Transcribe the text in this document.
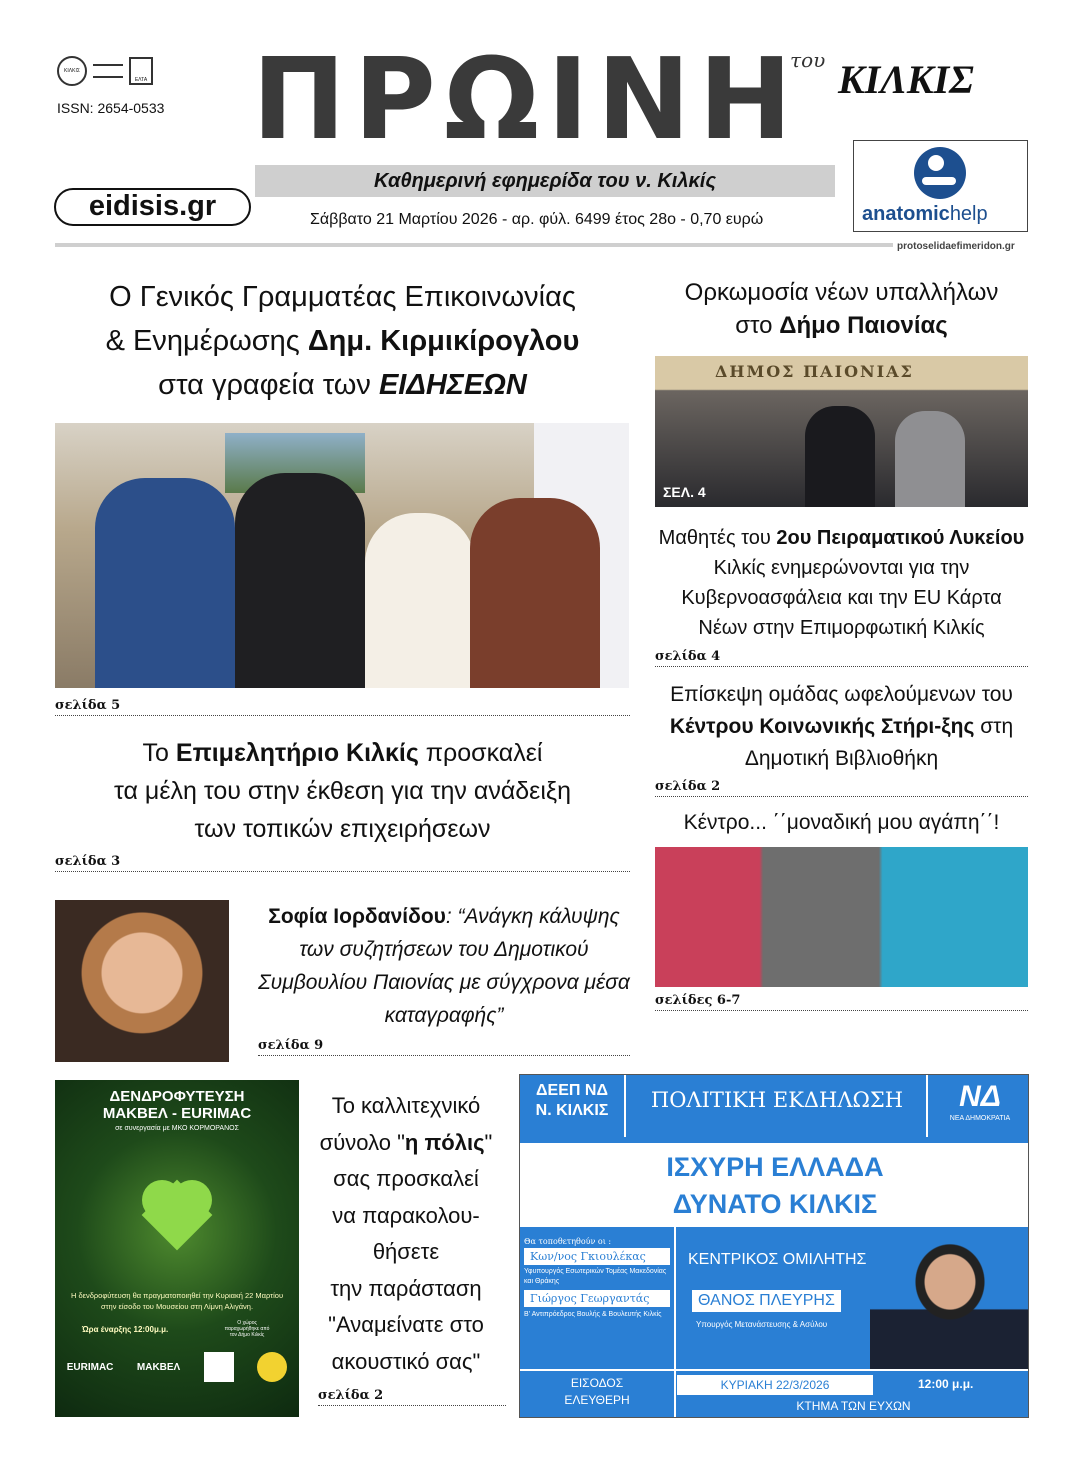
ΚΙΛΚΙΣ
ΕΛΤΑ
ISSN: 2654-0533 ΠΡΩΙΝΗ
του ΚΙΛΚΙΣ
Καθημερινή εφημερίδα του ν. Κιλκίς
eidisis.gr	Σάββατο 21 Μαρτίου 2026 - αρ. φύλ. 6499 έτος 28ο - 0,70 ευρώ	anatomichelp
protoselidaefimeridon.gr
Ο Γενικός Γραμματέας Επικοινωνίας
& Ενημέρωσης Δημ. Κιρμικίρογλου
στα γραφεία των ΕΙΔΗΣΕΩΝ
σελίδα 5
Το Επιμελητήριο Κιλκίς προσκαλεί
τα μέλη του στην έκθεση για την ανάδειξη
των τοπικών επιχειρήσεων
σελίδα 3
Σοφία Ιορδανίδου: “Ανάγκη κάλυψης των συζητήσεων του Δημοτικού Συμβουλίου Παιονίας με σύγχρονα μέσα καταγραφής”
σελίδα 9
ΔΕΝΔΡΟΦΥΤΕΥΣΗ
ΜΑΚΒΕΛ - EURIMAC
σε συνεργασία με ΜΚΟ ΚΟΡΜΟΡΑΝΟΣ
Η δενδροφύτευση θα πραγματοποιηθεί την Κυριακή 22 Μαρτίου στην είσοδο του Μουσείου στη Λίμνη Αλιγάνη.
Ώρα έναρξης 12:00μ.μ.
Ο χώρος παραχωρήθηκε από τον Δήμο Κιλκίς
EURIMAC ΜΑΚΒΕΛ
Το καλλιτεχνικό
σύνολο "η πόλις"
σας προσκαλεί
να παρακολου-
θήσετε
την παράσταση
"Αναμείνατε στο
ακουστικό σας"
σελίδα 2
ΔΕΕΠ ΝΔ
Ν. ΚΙΛΚΙΣ	ΠΟΛΙΤΙΚΗ ΕΚΔΗΛΩΣΗ	ΝΔ
ΝΕΑ ΔΗΜΟΚΡΑΤΙΑ
ΙΣΧΥΡΗ ΕΛΛΑΔΑ
ΔΥΝΑΤΟ ΚΙΛΚΙΣ
Θα τοποθετηθούν οι :
Κων/νος Γκιουλέκας
Υφυπουργός Εσωτερικών Τομέας Μακεδονίας και Θράκης
Γιώργος Γεωργαντάς
Β' Αντιπρόεδρος Βουλής & Βουλευτής Κιλκίς
ΚΕΝΤΡΙΚΟΣ ΟΜΙΛΗΤΗΣ
ΘΑΝΟΣ ΠΛΕΥΡΗΣ
Υπουργός Μετανάστευσης & Ασύλου
ΕΙΣΟΔΟΣ
ΕΛΕΥΘΕΡΗ
ΚΥΡΙΑΚΗ 22/3/2026	12:00 μ.μ.
ΚΤΗΜΑ ΤΩΝ ΕΥΧΩΝ
Ορκωμοσία νέων υπαλλήλων
στο Δήμο Παιονίας
ΔΗΜΟΣ ΠΑΙΟΝΙΑΣ
ΣΕΛ. 4
Μαθητές του 2ου Πειραματικού Λυκείου Κιλκίς ενημερώνονται για την Κυβερνοασφάλεια και την EU Κάρτα Νέων στην Επιμορφωτική Κιλκίς
σελίδα 4
Επίσκεψη ομάδας ωφελούμενων του Κέντρου Κοινωνικής Στήρι-ξης στη Δημοτική Βιβλιοθήκη
σελίδα 2
Κέντρο... ΄΄μοναδική μου αγάπη΄΄!
σελίδες 6-7
